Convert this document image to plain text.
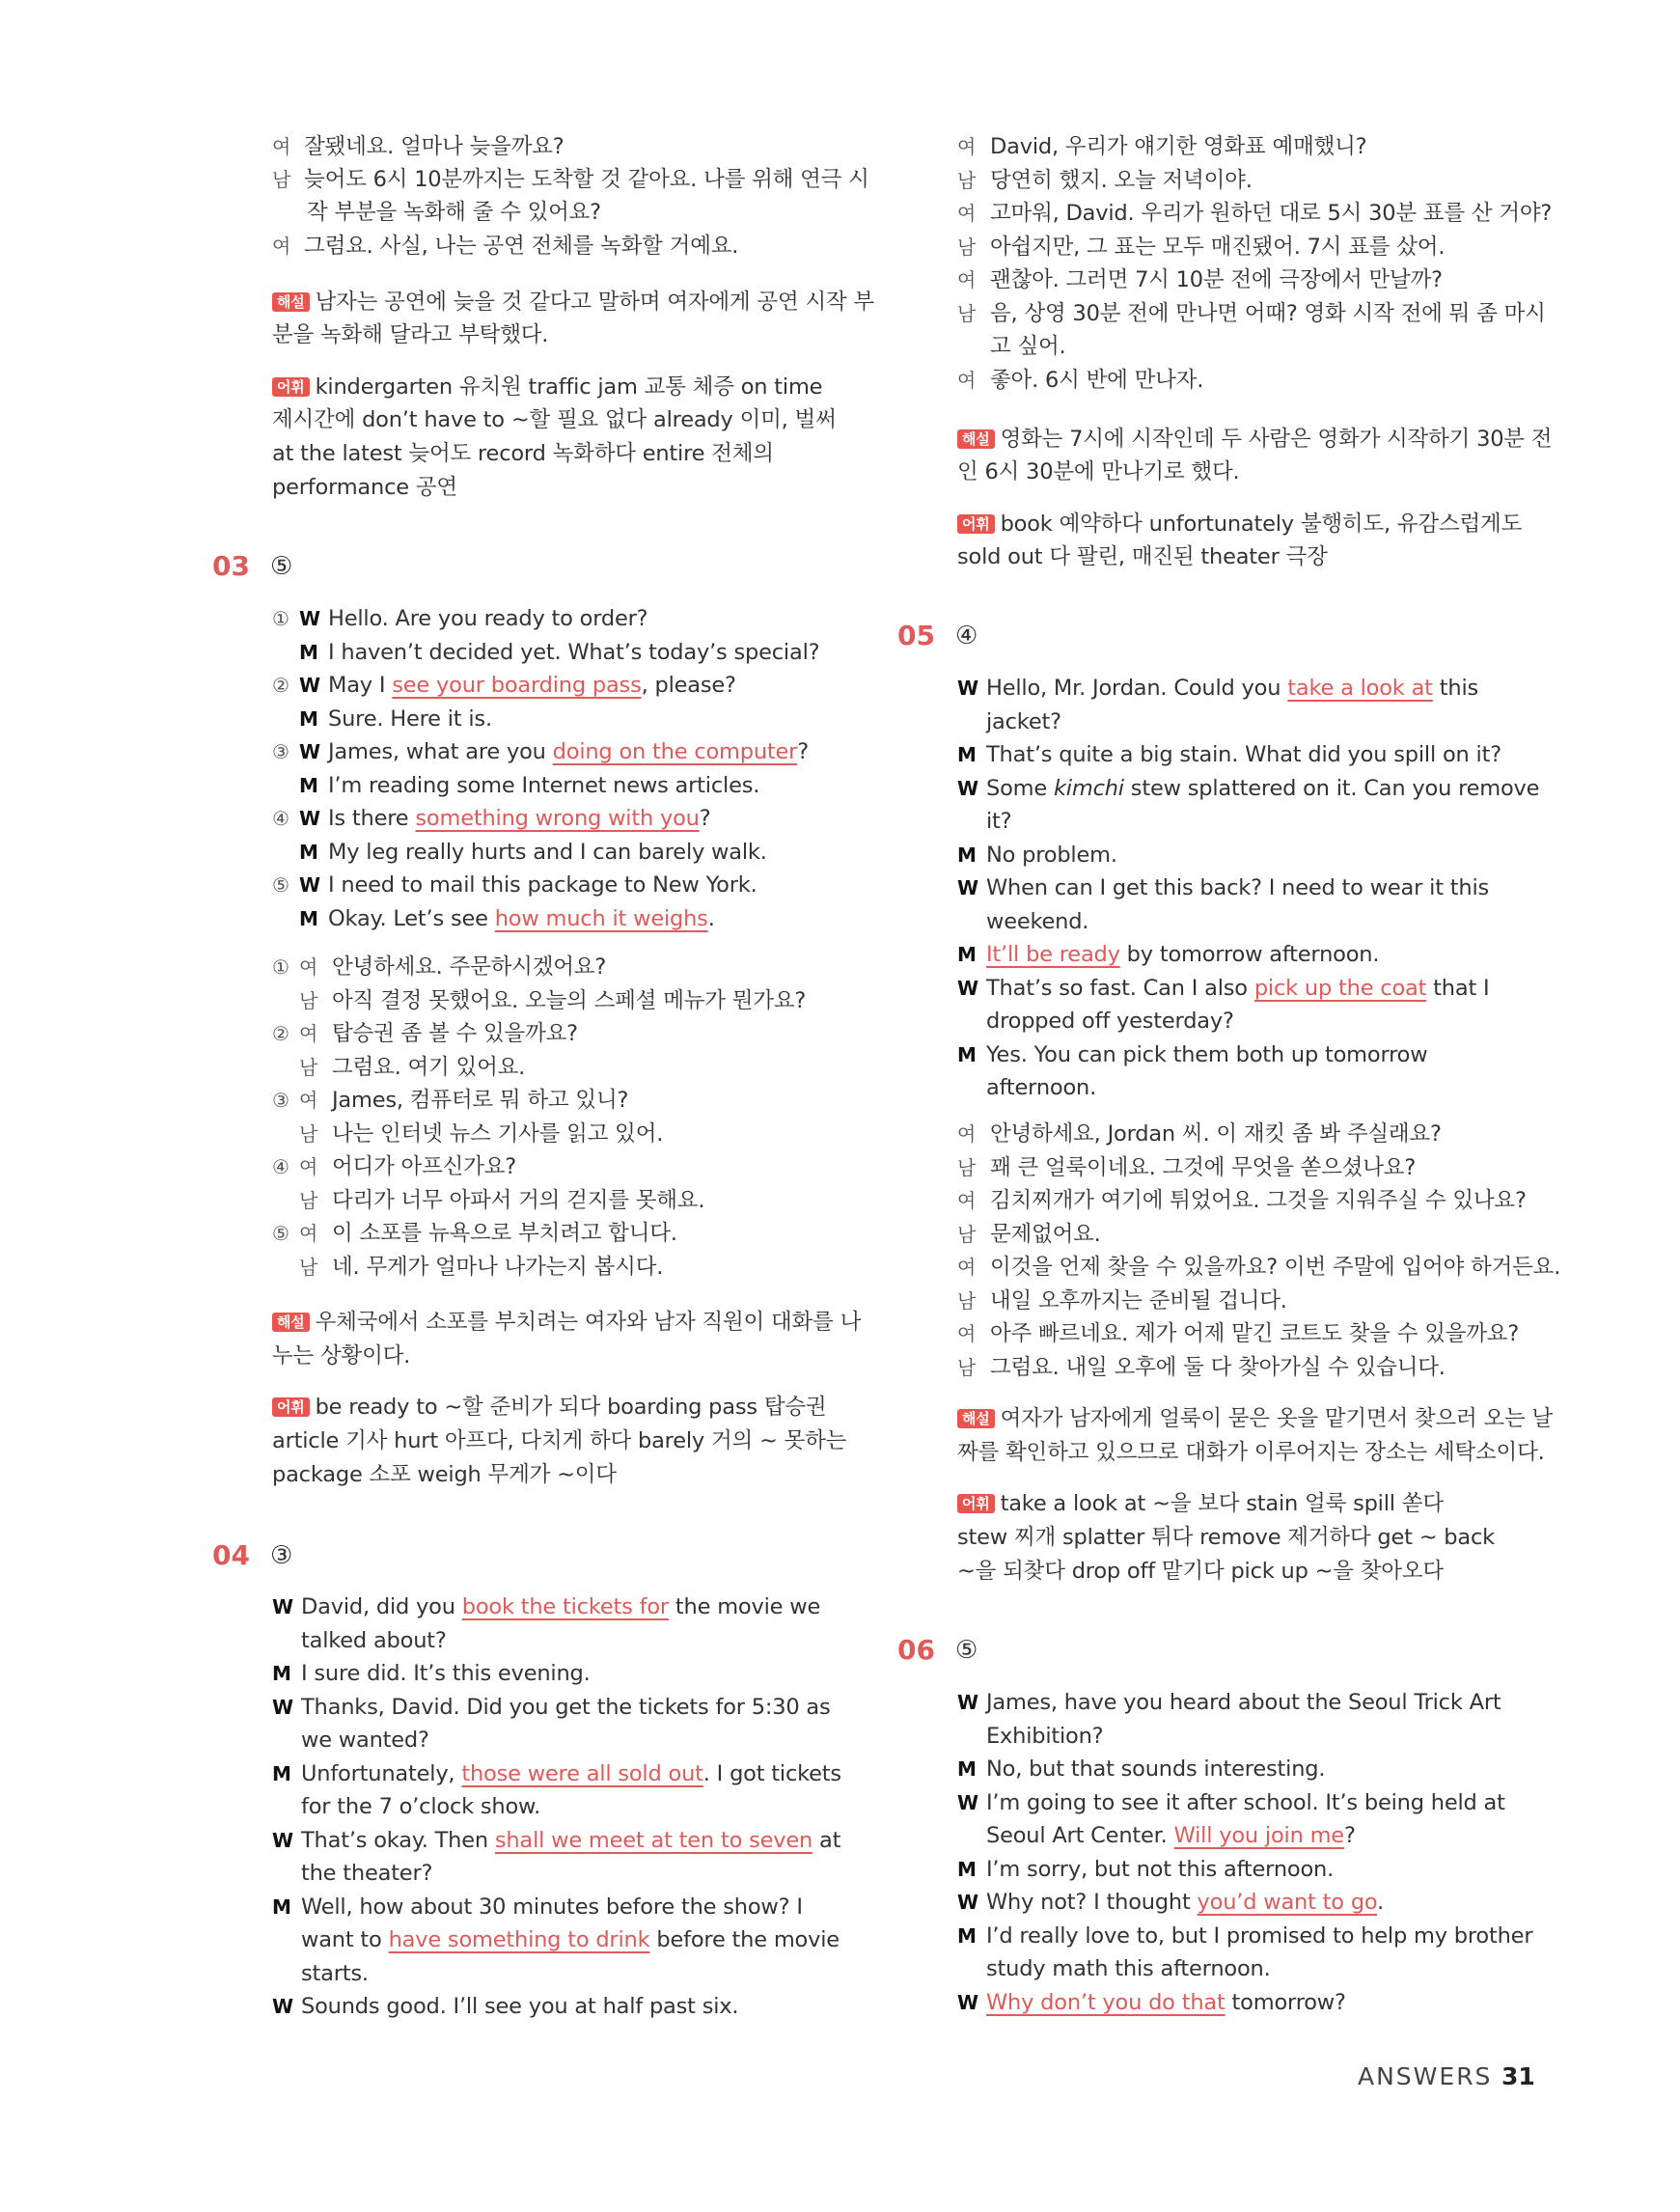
여 잘됐네요. 얼마나 늦을까요?
남 늦어도 6시 10분까지는 도착할 것 같아요. 나를 위해 연극 시
작 부분을 녹화해 줄 수 있어요?
여 그럼요. 사실, 나는 공연 전체를 녹화할 거예요.
해설 남자는 공연에 늦을 것 같다고 말하며 여자에게 공연 시작 부
분을 녹화해 달라고 부탁했다.
어휘 kindergarten 유치원 traffic jam 교통 체증 on time
제시간에 don’t have to ~할 필요 없다 already 이미, 벌써
at the latest 늦어도 record 녹화하다 entire 전체의
performance 공연
03 ⑤
① W Hello. Are you ready to order?
M I haven’t decided yet. What’s today’s special?
② W May I see your boarding pass, please?
M Sure. Here it is.
③ W James, what are you doing on the computer?
M I’m reading some Internet news articles.
④ W Is there something wrong with you?
M My leg really hurts and I can barely walk.
⑤ W I need to mail this package to New York.
M Okay. Let’s see how much it weighs.
① 여 안녕하세요. 주문하시겠어요?
남 아직 결정 못했어요. 오늘의 스페셜 메뉴가 뭔가요?
② 여 탑승권 좀 볼 수 있을까요?
남 그럼요. 여기 있어요.
③ 여 James, 컴퓨터로 뭐 하고 있니?
남 나는 인터넷 뉴스 기사를 읽고 있어.
④ 여 어디가 아프신가요?
남 다리가 너무 아파서 거의 걷지를 못해요.
⑤ 여 이 소포를 뉴욕으로 부치려고 합니다.
남 네. 무게가 얼마나 나가는지 봅시다.
해설 우체국에서 소포를 부치려는 여자와 남자 직원이 대화를 나
누는 상황이다.
어휘 be ready to ~할 준비가 되다 boarding pass 탑승권
article 기사 hurt 아프다, 다치게 하다 barely 거의 ~ 못하는
package 소포 weigh 무게가 ~이다
04 ③
W David, did you book the tickets for the movie we
talked about?
M I sure did. It’s this evening.
W Thanks, David. Did you get the tickets for 5:30 as
we wanted?
M Unfortunately, those were all sold out. I got tickets
for the 7 o’clock show.
W That’s okay. Then shall we meet at ten to seven at
the theater?
M Well, how about 30 minutes before the show? I
want to have something to drink before the movie
starts.
W Sounds good. I’ll see you at half past six.
여 David, 우리가 얘기한 영화표 예매했니?
남 당연히 했지. 오늘 저녁이야.
여 고마워, David. 우리가 원하던 대로 5시 30분 표를 산 거야?
남 아쉽지만, 그 표는 모두 매진됐어. 7시 표를 샀어.
여 괜찮아. 그러면 7시 10분 전에 극장에서 만날까?
남 음, 상영 30분 전에 만나면 어때? 영화 시작 전에 뭐 좀 마시
고 싶어.
여 좋아. 6시 반에 만나자.
해설 영화는 7시에 시작인데 두 사람은 영화가 시작하기 30분 전
인 6시 30분에 만나기로 했다.
어휘 book 예약하다 unfortunately 불행히도, 유감스럽게도
sold out 다 팔린, 매진된 theater 극장
05 ④
W Hello, Mr. Jordan. Could you take a look at this
jacket?
M That’s quite a big stain. What did you spill on it?
W Some kimchi stew splattered on it. Can you remove
it?
M No problem.
W When can I get this back? I need to wear it this
weekend.
M It’ll be ready by tomorrow afternoon.
W That’s so fast. Can I also pick up the coat that I
dropped off yesterday?
M Yes. You can pick them both up tomorrow
afternoon.
여 안녕하세요, Jordan 씨. 이 재킷 좀 봐 주실래요?
남 꽤 큰 얼룩이네요. 그것에 무엇을 쏟으셨나요?
여 김치찌개가 여기에 튀었어요. 그것을 지워주실 수 있나요?
남 문제없어요.
여 이것을 언제 찾을 수 있을까요? 이번 주말에 입어야 하거든요.
남 내일 오후까지는 준비될 겁니다.
여 아주 빠르네요. 제가 어제 맡긴 코트도 찾을 수 있을까요?
남 그럼요. 내일 오후에 둘 다 찾아가실 수 있습니다.
해설 여자가 남자에게 얼룩이 묻은 옷을 맡기면서 찾으러 오는 날
짜를 확인하고 있으므로 대화가 이루어지는 장소는 세탁소이다.
어휘 take a look at ~을 보다 stain 얼룩 spill 쏟다
stew 찌개 splatter 튀다 remove 제거하다 get ~ back
~을 되찾다 drop off 맡기다 pick up ~을 찾아오다
06 ⑤
W James, have you heard about the Seoul Trick Art
Exhibition?
M No, but that sounds interesting.
W I’m going to see it after school. It’s being held at
Seoul Art Center. Will you join me?
M I’m sorry, but not this afternoon.
W Why not? I thought you’d want to go.
M I’d really love to, but I promised to help my brother
study math this afternoon.
W Why don’t you do that tomorrow?
ANSWERS 31
